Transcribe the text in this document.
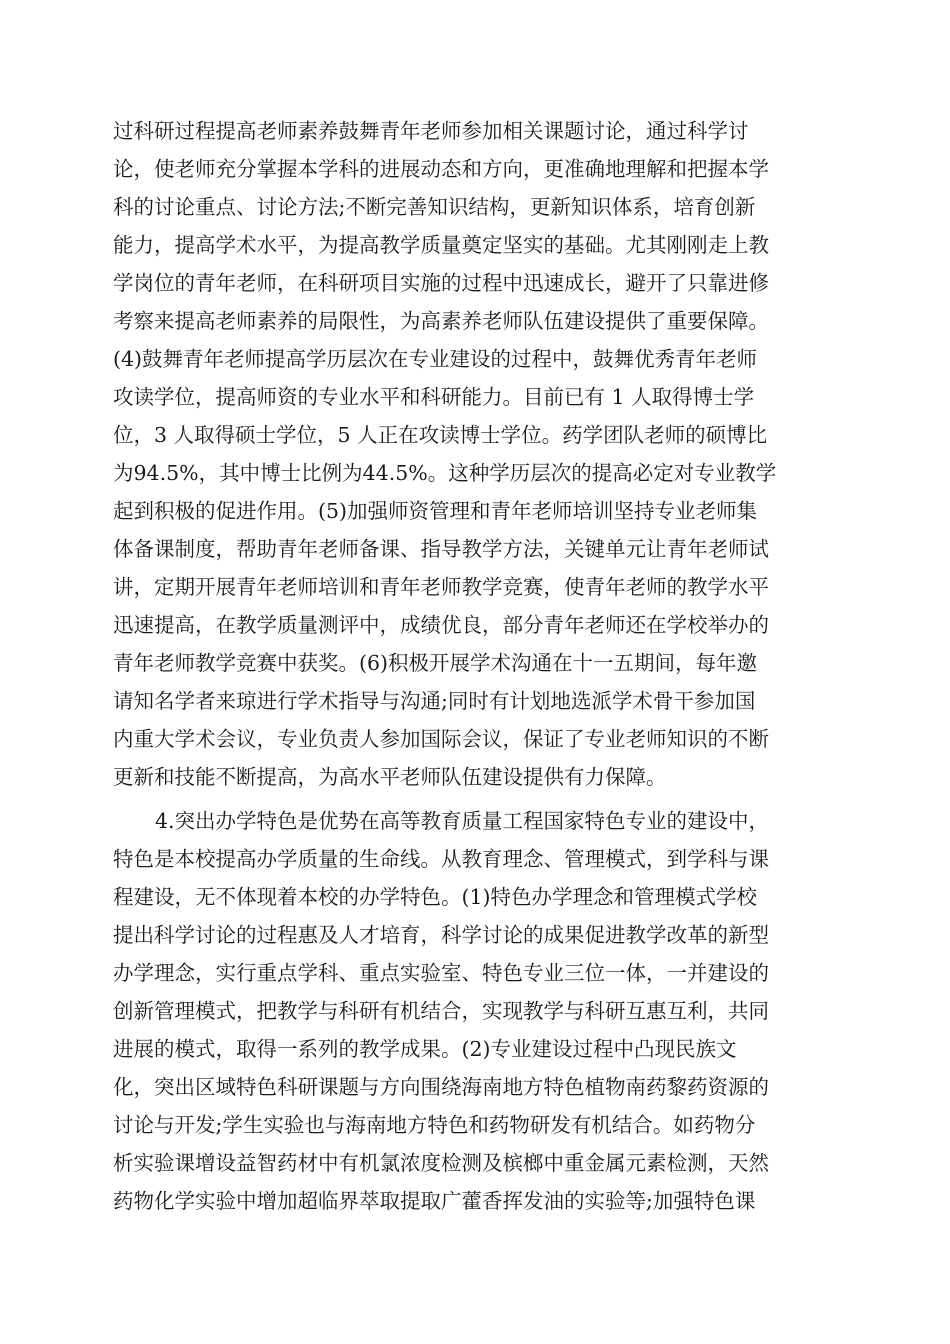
过科研过程提高老师素养鼓舞青年老师参加相关课题讨论，通过科学讨
论，使老师充分掌握本学科的进展动态和方向，更准确地理解和把握本学
科的讨论重点、讨论方法;不断完善知识结构，更新知识体系，培育创新
能力，提高学术水平，为提高教学质量奠定坚实的基础。尤其刚刚走上教
学岗位的青年老师，在科研项目实施的过程中迅速成长，避开了只靠进修
考察来提高老师素养的局限性，为高素养老师队伍建设提供了重要保障。
(4)鼓舞青年老师提高学历层次在专业建设的过程中，鼓舞优秀青年老师
攻读学位，提高师资的专业水平和科研能力。目前已有 1 人取得博士学
位，3 人取得硕士学位，5 人正在攻读博士学位。药学团队老师的硕博比
为94.5%，其中博士比例为44.5%。这种学历层次的提高必定对专业教学
起到积极的促进作用。(5)加强师资管理和青年老师培训坚持专业老师集
体备课制度，帮助青年老师备课、指导教学方法，关键单元让青年老师试
讲，定期开展青年老师培训和青年老师教学竞赛，使青年老师的教学水平
迅速提高，在教学质量测评中，成绩优良，部分青年老师还在学校举办的
青年老师教学竞赛中获奖。(6)积极开展学术沟通在十一五期间，每年邀
请知名学者来琼进行学术指导与沟通;同时有计划地选派学术骨干参加国
内重大学术会议，专业负责人参加国际会议，保证了专业老师知识的不断
更新和技能不断提高，为高水平老师队伍建设提供有力保障。
4.突出办学特色是优势在高等教育质量工程国家特色专业的建设中，
特色是本校提高办学质量的生命线。从教育理念、管理模式，到学科与课
程建设，无不体现着本校的办学特色。(1)特色办学理念和管理模式学校
提出科学讨论的过程惠及人才培育，科学讨论的成果促进教学改革的新型
办学理念，实行重点学科、重点实验室、特色专业三位一体，一并建设的
创新管理模式，把教学与科研有机结合，实现教学与科研互惠互利，共同
进展的模式，取得一系列的教学成果。(2)专业建设过程中凸现民族文
化，突出区域特色科研课题与方向围绕海南地方特色植物南药黎药资源的
讨论与开发;学生实验也与海南地方特色和药物研发有机结合。如药物分
析实验课增设益智药材中有机氯浓度检测及槟榔中重金属元素检测，天然
药物化学实验中增加超临界萃取提取广藿香挥发油的实验等;加强特色课
